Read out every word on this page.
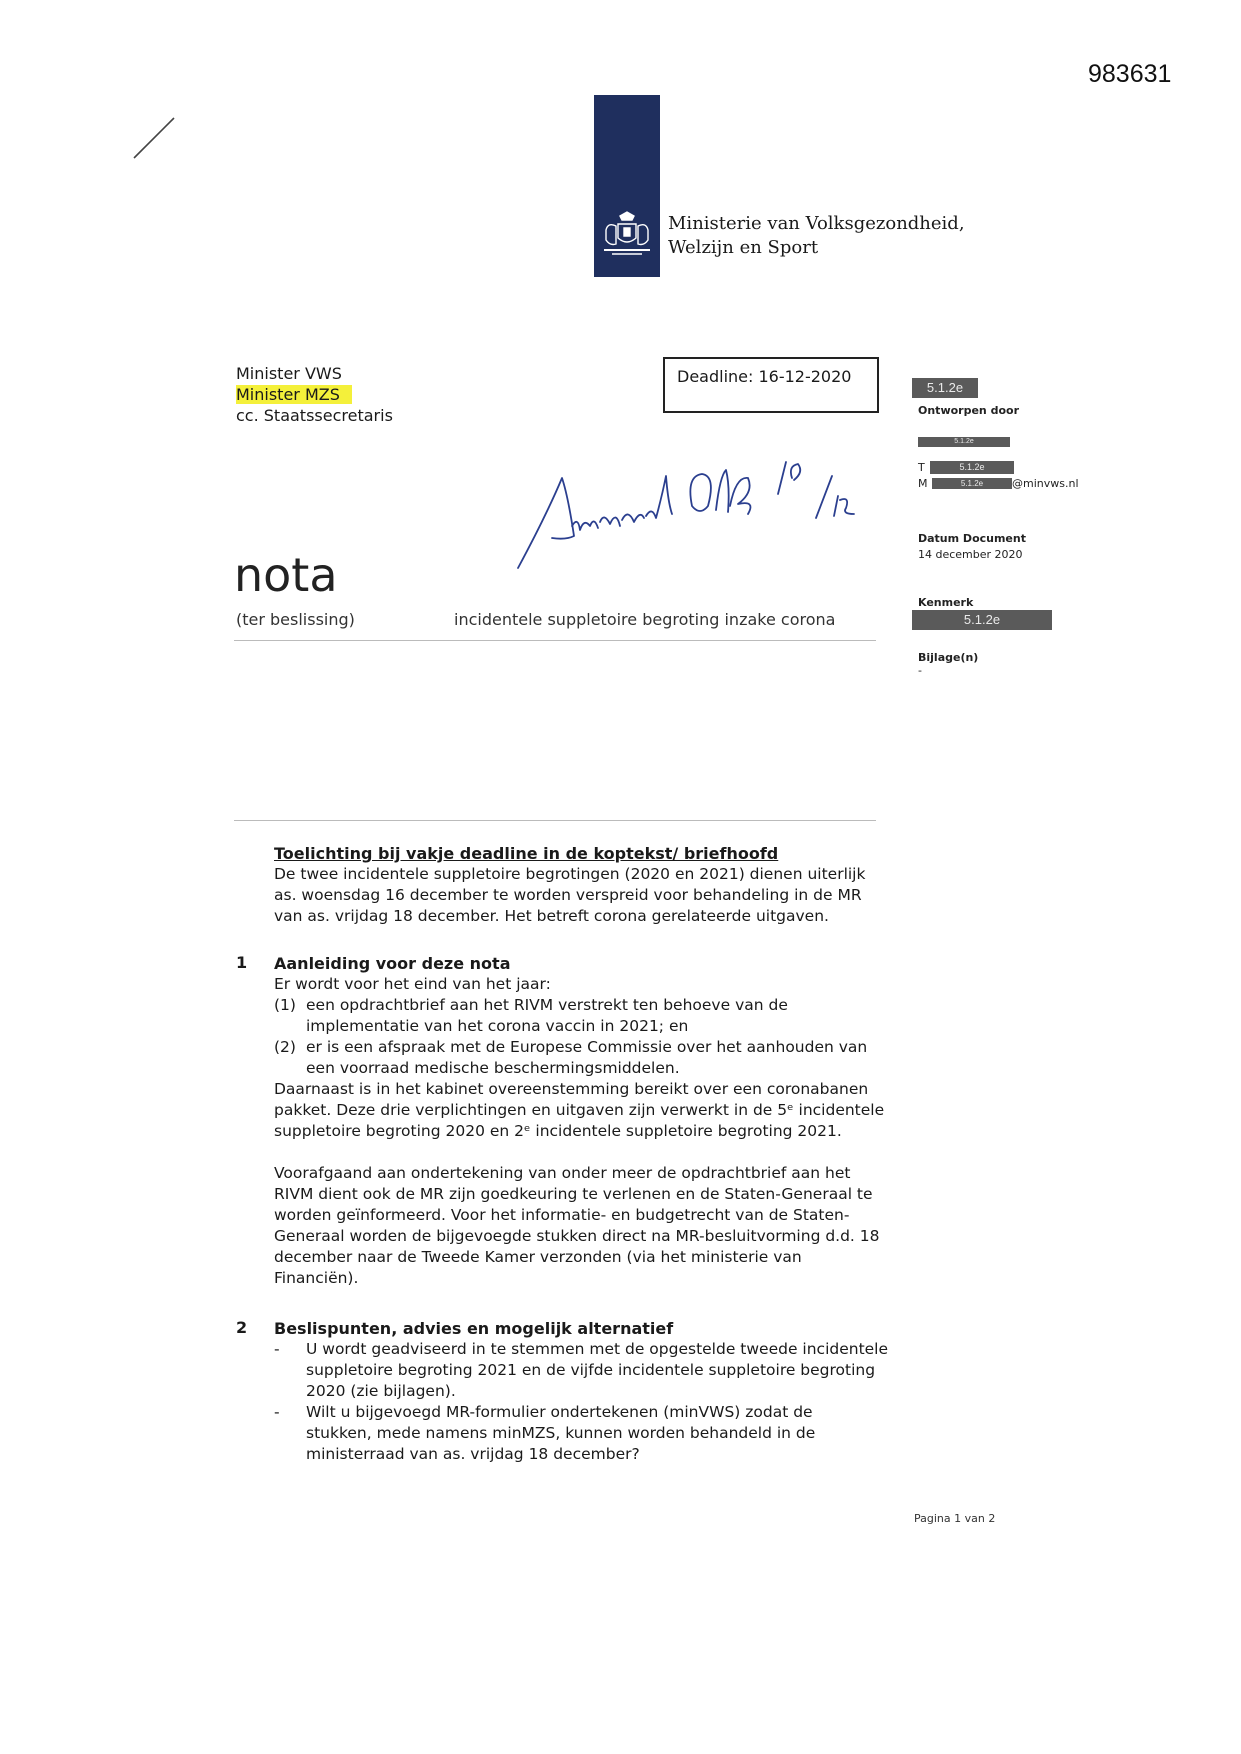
983631
Ministerie van Volksgezondheid,
Welzijn en Sport
Minister VWS
Minister MZS
cc. Staatssecretaris
Deadline: 16-12-2020
nota
(ter beslissing)	incidentele suppletoire begroting inzake corona
5.1.2e
Ontworpen door
5.1.2e
T	5.1.2e
M	5.1.2e	@minvws.nl
Datum Document
14 december 2020
Kenmerk
5.1.2e
Bijlage(n)
-

Toelichting bij vakje deadline in de koptekst/ briefhoofd

De twee incidentele suppletoire begrotingen (2020 en 2021) dienen uiterlijk

as. woensdag 16 december te worden verspreid voor behandeling in de MR

van as. vrijdag 18 december. Het betreft corona gerelateerde uitgaven.

1 Aanleiding voor deze nota

Er wordt voor het eind van het jaar:

(1) een opdrachtbrief aan het RIVM verstrekt ten behoeve van de

implementatie van het corona vaccin in 2021; en

(2) er is een afspraak met de Europese Commissie over het aanhouden van

een voorraad medische beschermingsmiddelen.

Daarnaast is in het kabinet overeenstemming bereikt over een coronabanen

pakket. Deze drie verplichtingen en uitgaven zijn verwerkt in de 5ᵉ incidentele

suppletoire begroting 2020 en 2ᵉ incidentele suppletoire begroting 2021.

Voorafgaand aan ondertekening van onder meer de opdrachtbrief aan het

RIVM dient ook de MR zijn goedkeuring te verlenen en de Staten-Generaal te

worden geïnformeerd. Voor het informatie- en budgetrecht van de Staten-

Generaal worden de bijgevoegde stukken direct na MR-besluitvorming d.d. 18

december naar de Tweede Kamer verzonden (via het ministerie van

Financiën).

2 Beslispunten, advies en mogelijk alternatief

- U wordt geadviseerd in te stemmen met de opgestelde tweede incidentele

suppletoire begroting 2021 en de vijfde incidentele suppletoire begroting

2020 (zie bijlagen).

- Wilt u bijgevoegd MR-formulier ondertekenen (minVWS) zodat de

stukken, mede namens minMZS, kunnen worden behandeld in de

ministerraad van as. vrijdag 18 december?

Pagina 1 van 2
